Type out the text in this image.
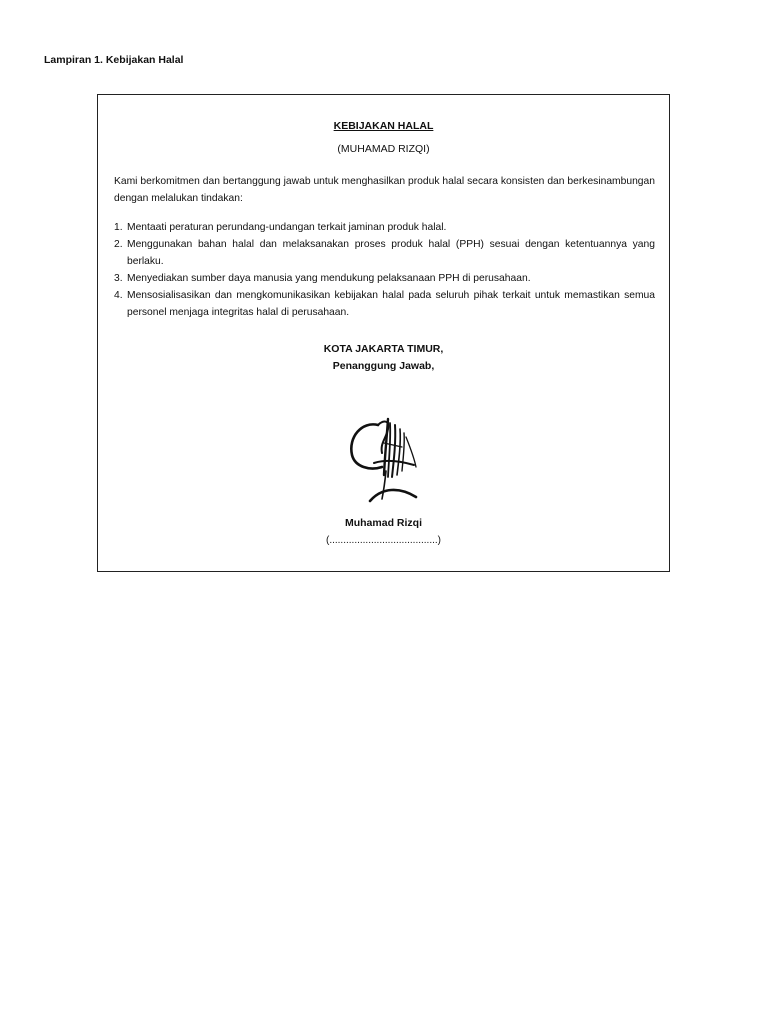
Lampiran 1. Kebijakan Halal
KEBIJAKAN HALAL
(MUHAMAD RIZQI)

Kami berkomitmen dan bertanggung jawab untuk menghasilkan produk halal secara konsisten dan berkesinambungan dengan melalukan tindakan:

1. Mentaati peraturan perundang-undangan terkait jaminan produk halal.
2. Menggunakan bahan halal dan melaksanakan proses produk halal (PPH) sesuai dengan ketentuannya yang berlaku.
3. Menyediakan sumber daya manusia yang mendukung pelaksanaan PPH di perusahaan.
4. Mensosialisasikan dan mengkomunikasikan kebijakan halal pada seluruh pihak terkait untuk memastikan semua personel menjaga integritas halal di perusahaan.
KOTA JAKARTA TIMUR,
Penanggung Jawab,
Muhamad Rizqi
(.......................................)
